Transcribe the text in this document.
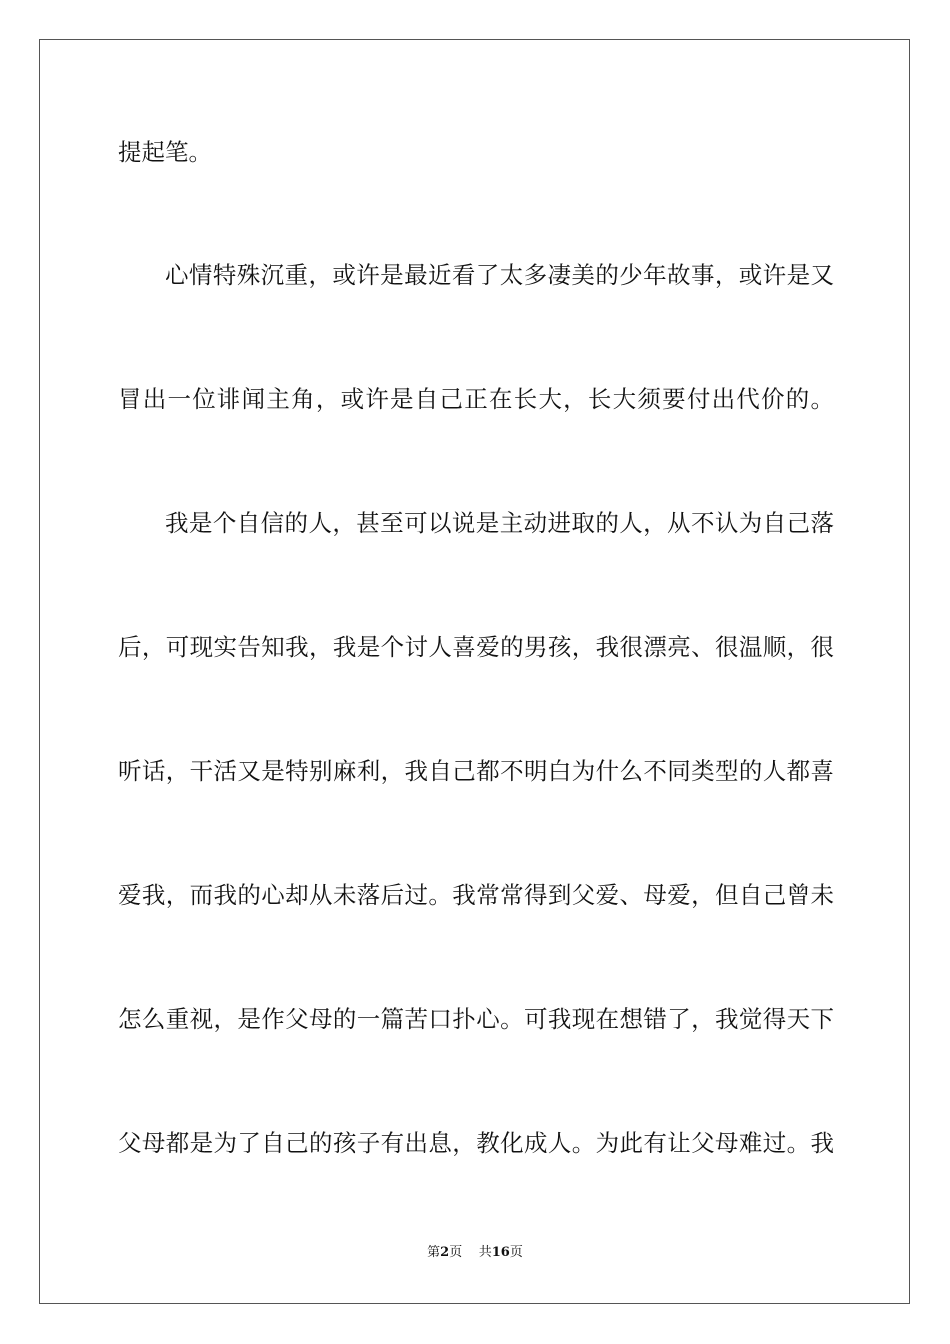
提起笔。

心情特殊沉重，或许是最近看了太多凄美的少年故事，或许是又

冒出一位诽闻主角，或许是自己正在长大，长大须要付出代价的。

我是个自信的人，甚至可以说是主动进取的人，从不认为自己落

后，可现实告知我，我是个讨人喜爱的男孩，我很漂亮、很温顺，很

听话，干活又是特别麻利，我自己都不明白为什么不同类型的人都喜

爱我，而我的心却从未落后过。我常常得到父爱、母爱，但自己曾未

怎么重视，是作父母的一篇苦口扑心。可我现在想错了，我觉得天下

父母都是为了自己的孩子有出息，教化成人。为此有让父母难过。我

第2页 共16页
